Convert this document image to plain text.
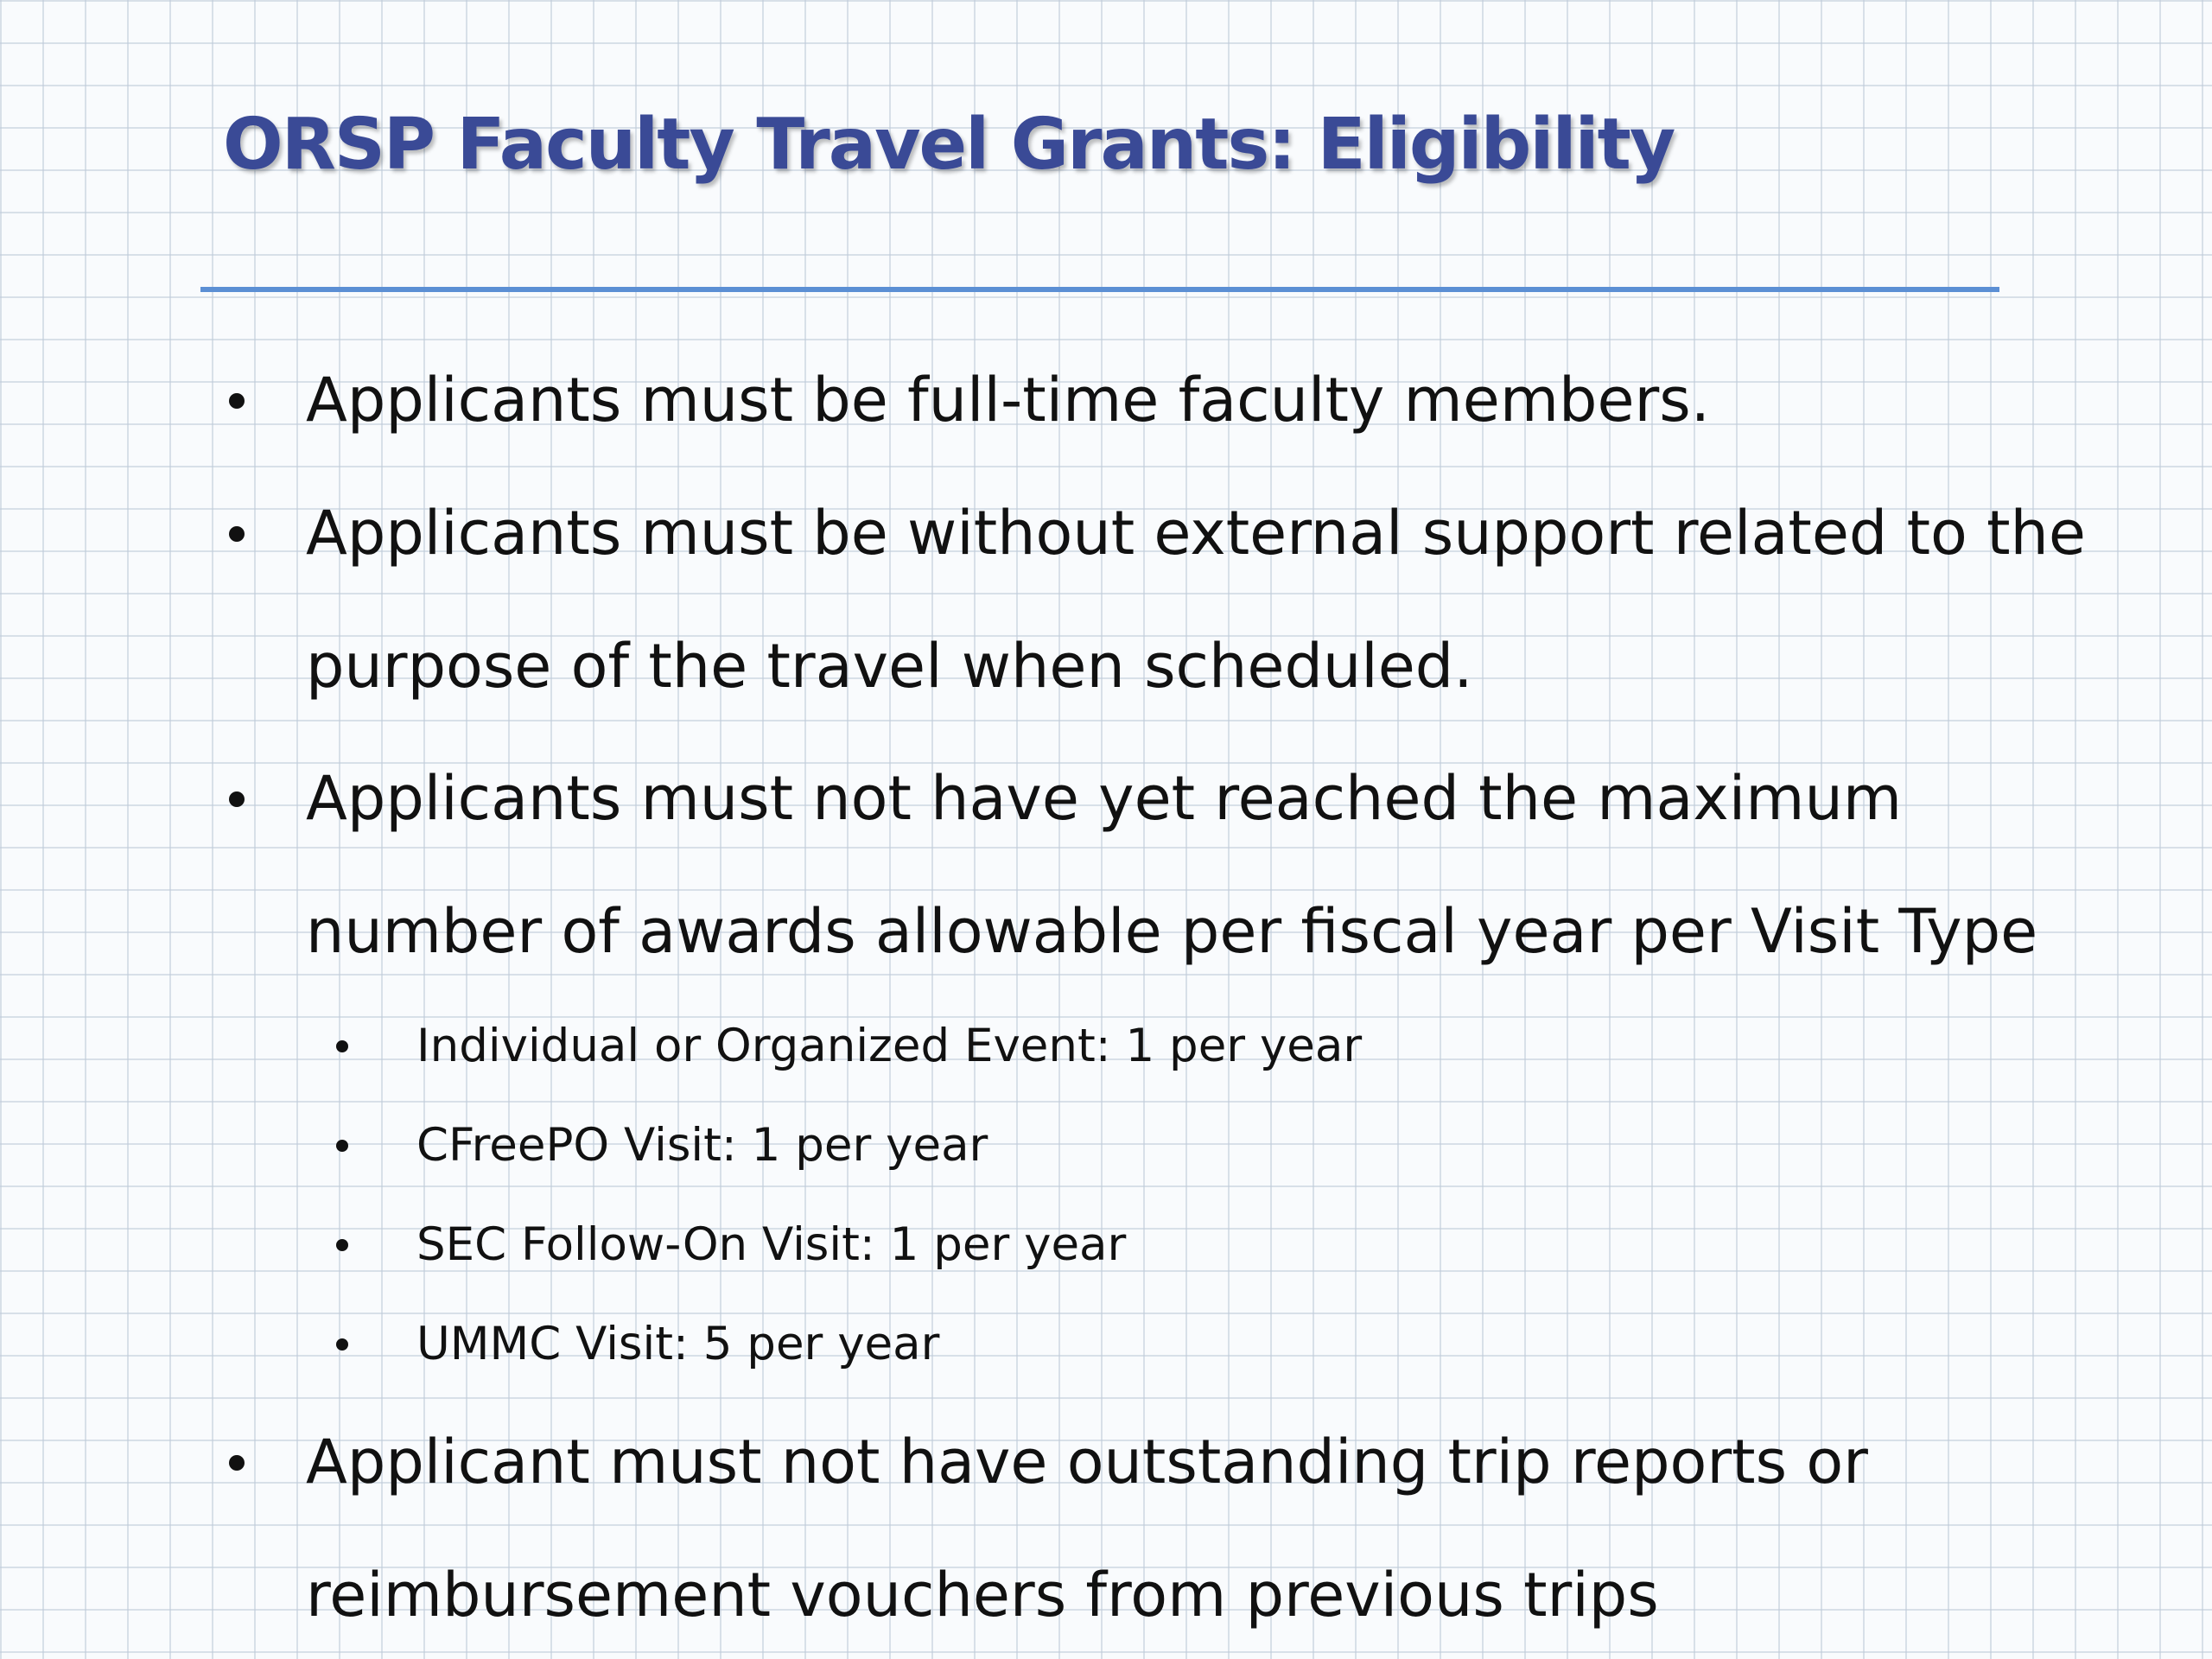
ORSP Faculty Travel Grants: Eligibility
Applicants must be full-time faculty members.
Applicants must be without external support related to the
purpose of the travel when scheduled.
Applicants must not have yet reached the maximum
number of awards allowable per fiscal year per Visit Type
Individual or Organized Event: 1 per year
CFreePO Visit: 1 per year
SEC Follow-On Visit: 1 per year
UMMC Visit: 5 per year
Applicant must not have outstanding trip reports or
reimbursement vouchers from previous trips
